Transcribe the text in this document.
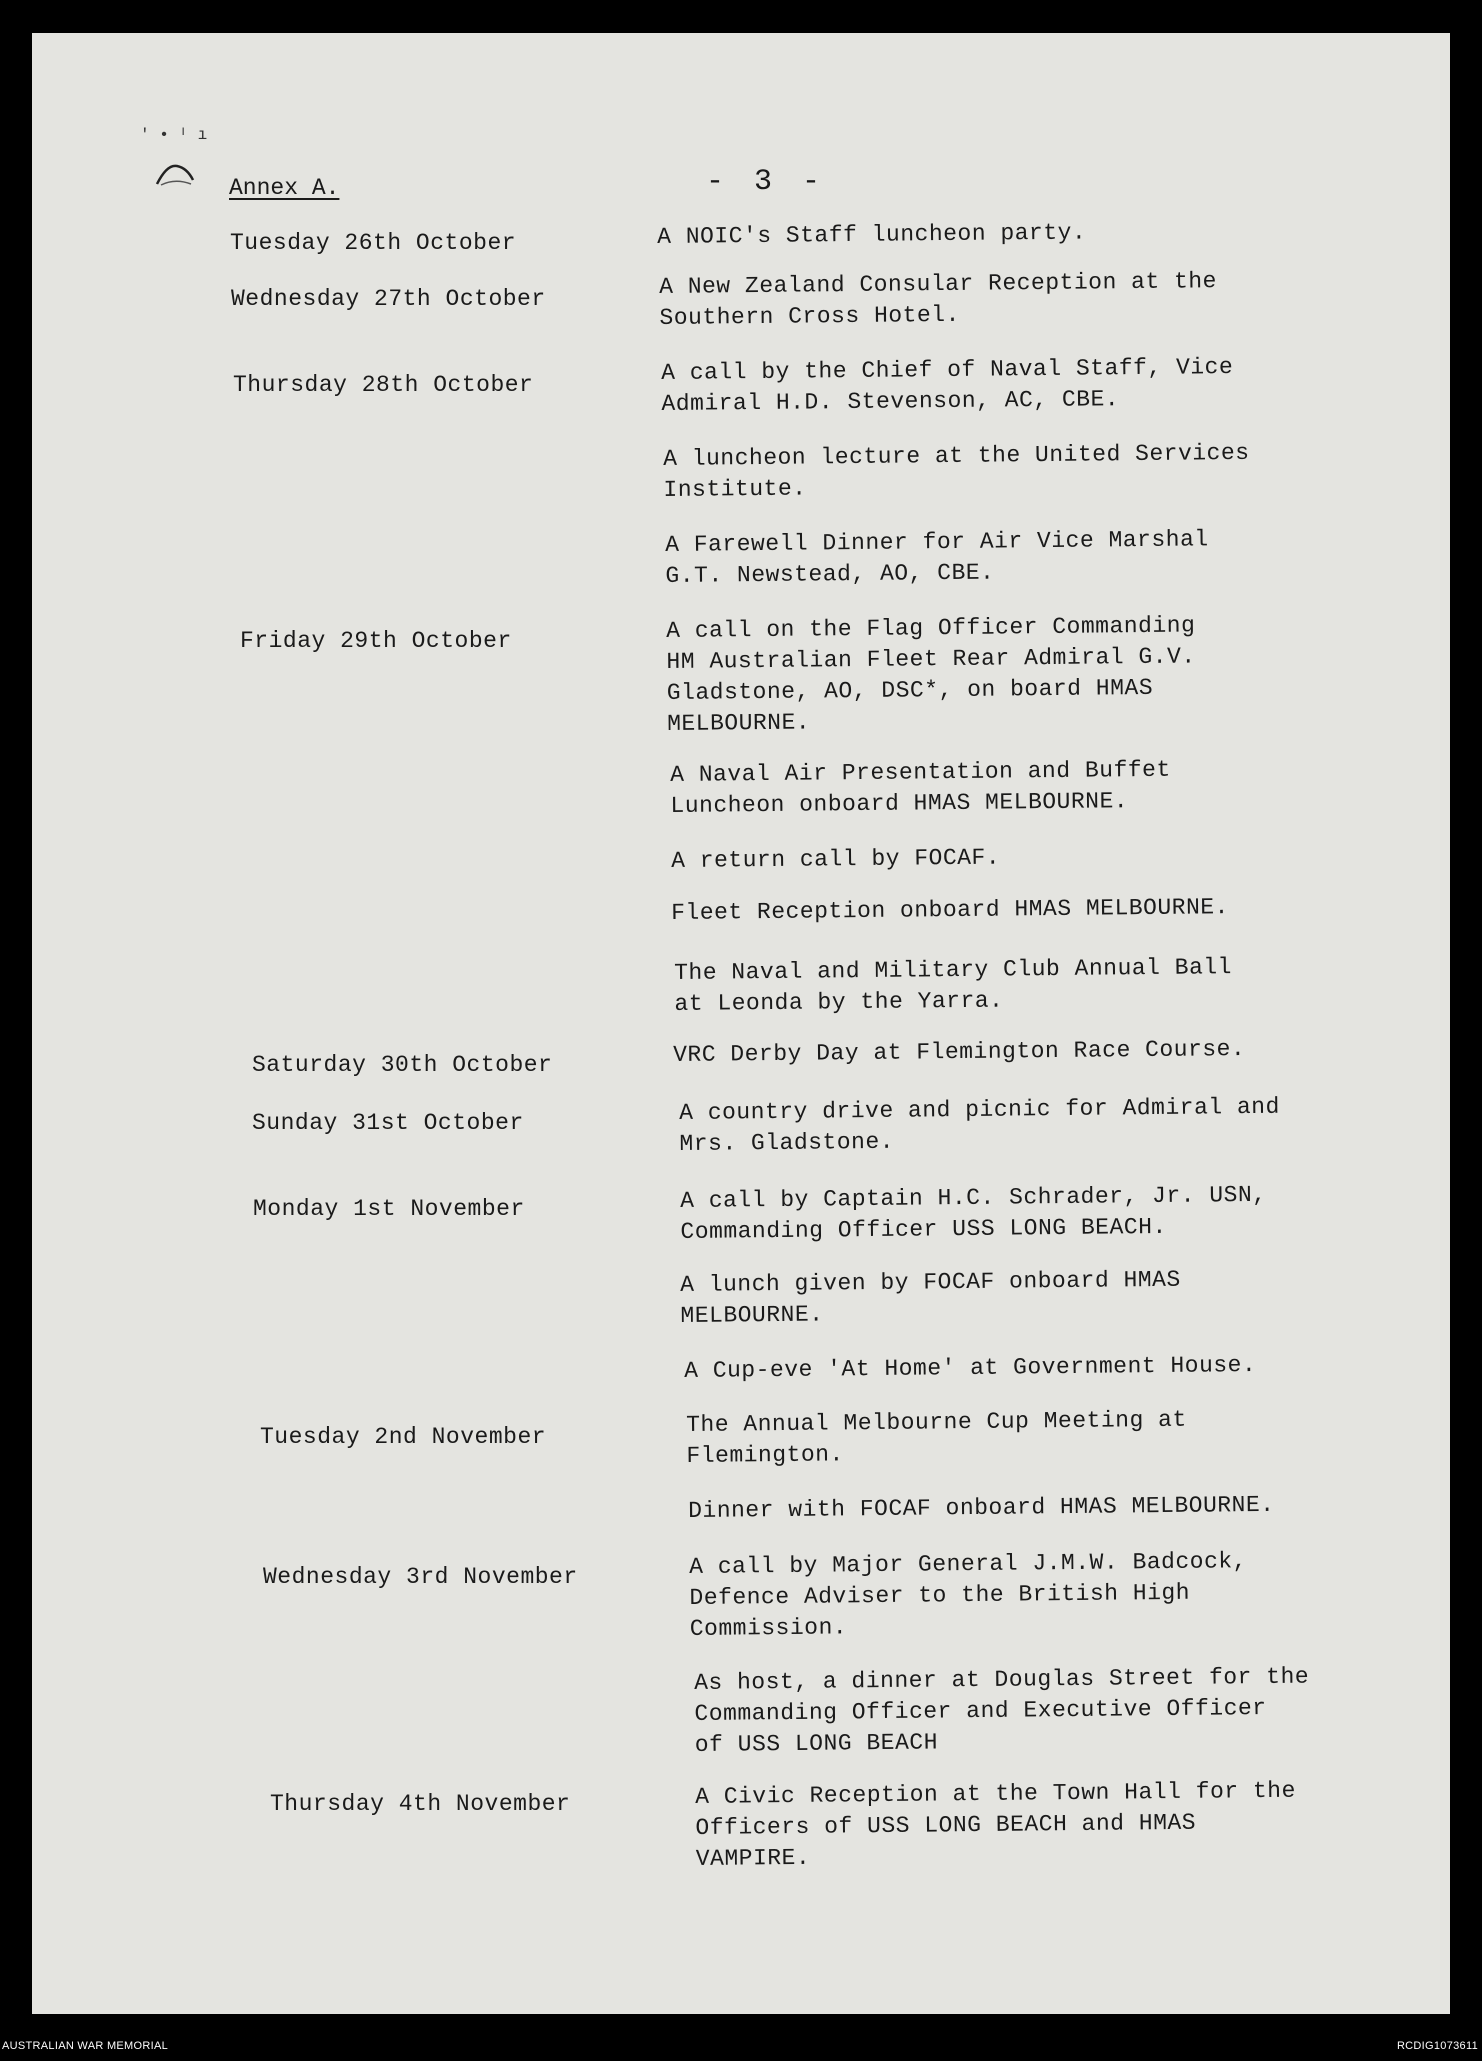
' • ᴵ ı
Annex A.	- 3 -
Tuesday 26th October
Wednesday 27th October
Thursday 28th October
Friday 29th October
Saturday 30th October
Sunday 31st October
Monday 1st November
Tuesday 2nd November
Wednesday 3rd November
Thursday 4th November
A NOIC's Staff luncheon party.
A New Zealand Consular Reception at the
Southern Cross Hotel.
A call by the Chief of Naval Staff, Vice
Admiral H.D. Stevenson, AC, CBE.
A luncheon lecture at the United Services
Institute.
A Farewell Dinner for Air Vice Marshal
G.T. Newstead, AO, CBE.
A call on the Flag Officer Commanding
HM Australian Fleet Rear Admiral G.V.
Gladstone, AO, DSC*, on board HMAS
MELBOURNE.
A Naval Air Presentation and Buffet
Luncheon onboard HMAS MELBOURNE.
A return call by FOCAF.
Fleet Reception onboard HMAS MELBOURNE.
The Naval and Military Club Annual Ball
at Leonda by the Yarra.
VRC Derby Day at Flemington Race Course.
A country drive and picnic for Admiral and
Mrs. Gladstone.
A call by Captain H.C. Schrader, Jr. USN,
Commanding Officer USS LONG BEACH.
A lunch given by FOCAF onboard HMAS
MELBOURNE.
A Cup-eve 'At Home' at Government House.
The Annual Melbourne Cup Meeting at
Flemington.
Dinner with FOCAF onboard HMAS MELBOURNE.
A call by Major General J.M.W. Badcock,
Defence Adviser to the British High
Commission.
As host, a dinner at Douglas Street for the
Commanding Officer and Executive Officer
of USS LONG BEACH
A Civic Reception at the Town Hall for the
Officers of USS LONG BEACH and HMAS
VAMPIRE.
AUSTRALIAN WAR MEMORIAL	RCDIG1073611
